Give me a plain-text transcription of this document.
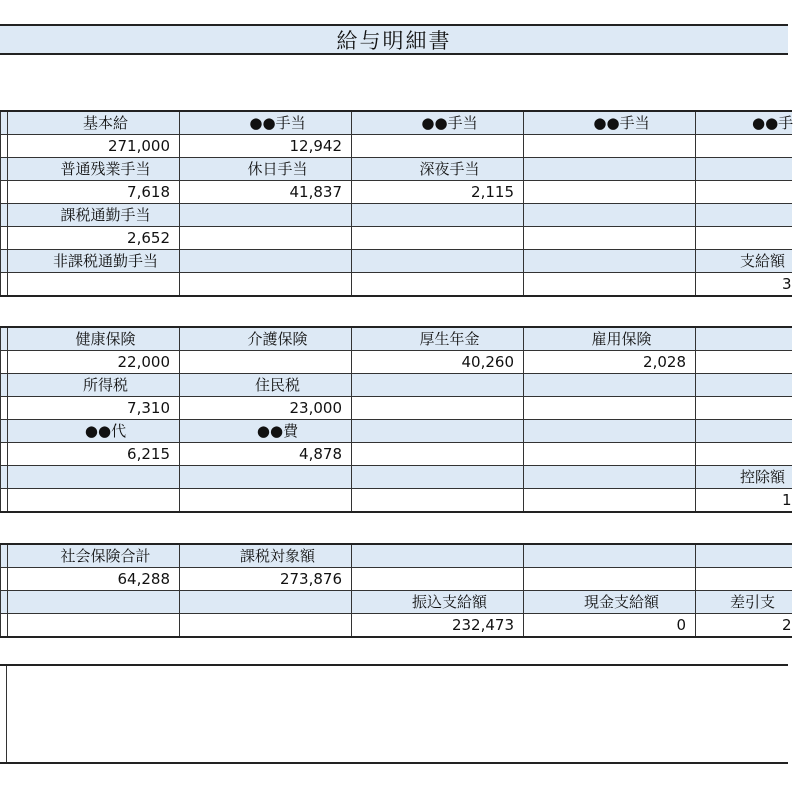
給与明細書
	基本給	●●手当	●●手当	●●手当	●●手
	271,000	12,942			
	普通残業手当	休日手当	深夜手当		
	7,618	41,837	2,115		
	課税通勤手当				
	2,652				
	非課税通勤手当				支給額
					3
	健康保険	介護保険	厚生年金	雇用保険	
	22,000		40,260	2,028	
	所得税	住民税			
	7,310	23,000			
	●●代	●●費			
	6,215	4,878			
					控除額
					1
	社会保険合計	課税対象額			
	64,288	273,876			
			振込支給額	現金支給額	差引支
			232,473	0	2
